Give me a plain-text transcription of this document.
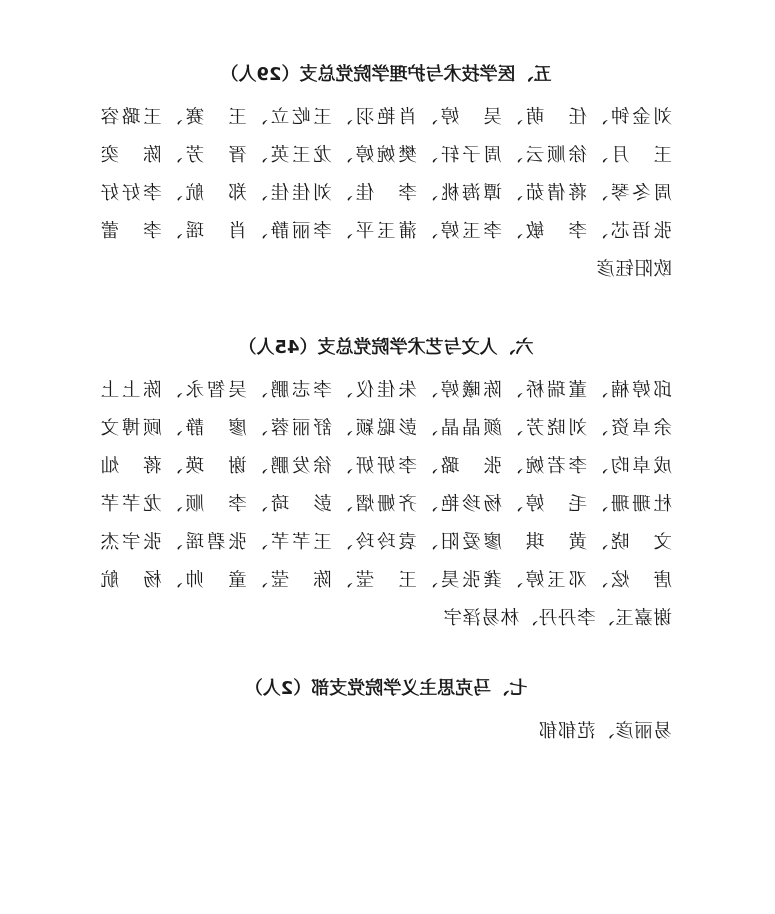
五、医学技术与护理学院党总支（29人）
刘金钟、任　萌、吴　婷、肖艳羽、王屹立、王　赛、王璐容
王　月、徐顺云、周子轩、樊婉婷、龙王英、胥　芳、陈　奕
周冬琴、蒋倩茹、谭海桃、李　佳、刘佳佳、郑　航、李好好
张语芯、李　敏、李玉婷、蒲玉平、李丽静、肖　瑶、李　蕾
欧阳钰彦
六、人文与艺术学院党总支（45人）
邱婷楠、董瑞桥、陈曦婷、朱佳仪、李志鹏、吴智永、陈上上
余卓资、刘晓芳、颜晶晶、彭聪颖、舒丽蓉、廖　静、顾博文
成卓昀、李若婉、张　璐、李妍妍、徐发鹏、谢　瑛、蒋　灿
杜珊珊、毛　婷、杨珍艳、齐姗熠、彭　琦、李　顺、龙芊芊
文　晓、黄　琪　廖爱阳、袁玲玲、王芊芊、张碧瑶、张宇杰
唐　炫、邓玉婷、龚张昊、王　莹、陈　莹、童　帅、杨　航
谢嘉玉、李丹丹、林易泽宇
七、马克思主义学院党支部（2人）
易丽彦、范郁郁
